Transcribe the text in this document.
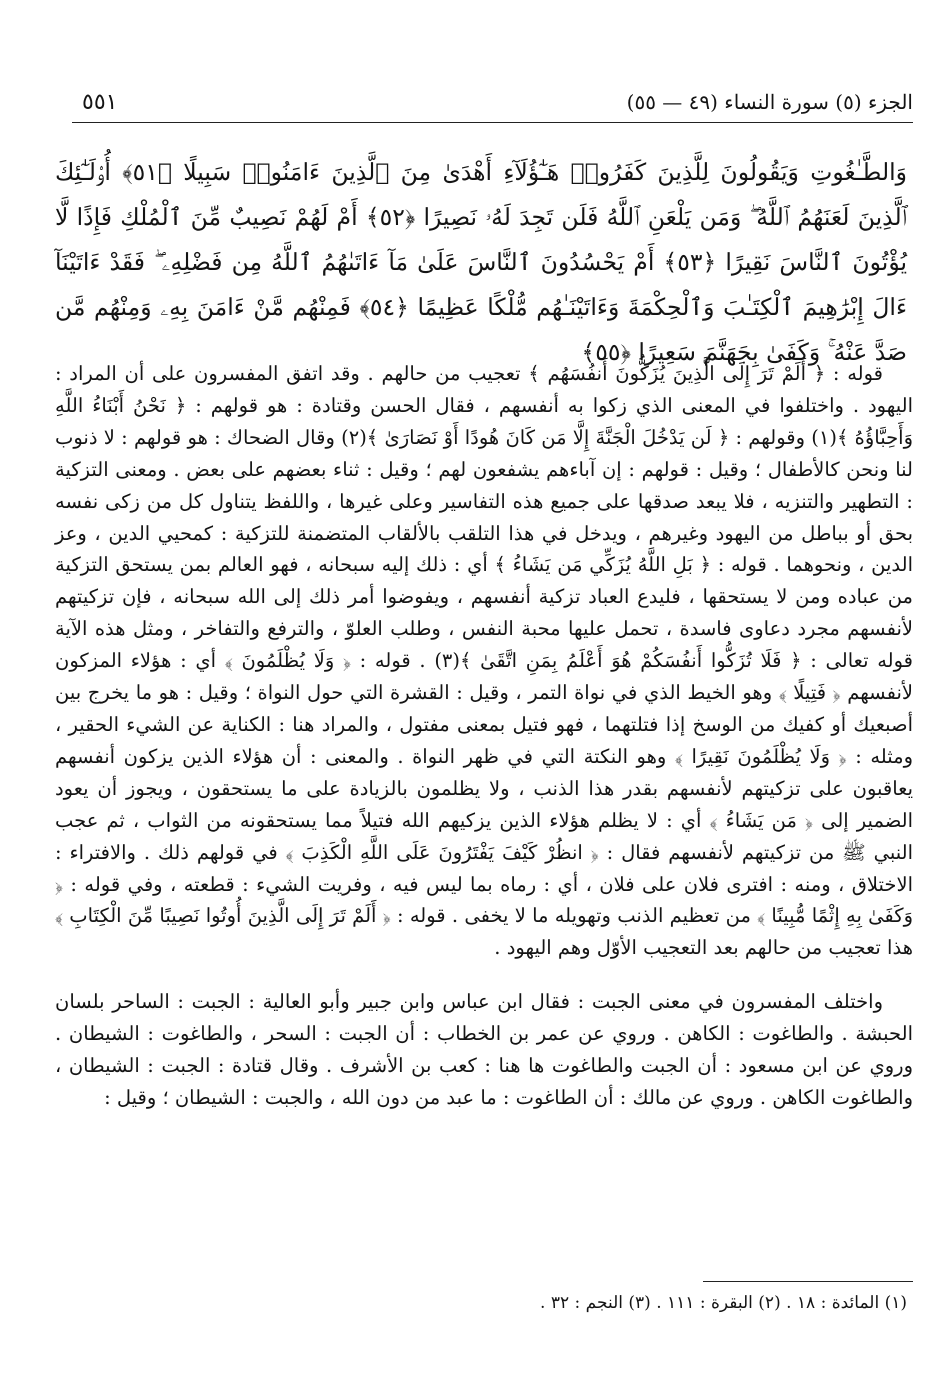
٥٥١	الجزء (٥) سورة النساء (٤٩ — ٥٥)
وَالطَّـٰغُوتِ وَيَقُولُونَ لِلَّذِينَ كَفَرُوا۟ هَـٰٓؤُلَآءِ أَهْدَىٰ مِنَ ٱلَّذِينَ ءَامَنُوا۟ سَبِيلًا ﴿٥١﴾ أُو۟لَـٰٓئِكَ ٱلَّذِينَ لَعَنَهُمُ ٱللَّهُ ۖ وَمَن يَلْعَنِ ٱللَّهُ فَلَن تَجِدَ لَهُۥ نَصِيرًا ﴿٥٢﴾ أَمْ لَهُمْ نَصِيبٌ مِّنَ ٱلْمُلْكِ فَإِذًا لَّا يُؤْتُونَ ٱلنَّاسَ نَقِيرًا ﴿٥٣﴾ أَمْ يَحْسُدُونَ ٱلنَّاسَ عَلَىٰ مَآ ءَاتَىٰهُمُ ٱللَّهُ مِن فَضْلِهِۦ ۖ فَقَدْ ءَاتَيْنَآ ءَالَ إِبْرَٰهِيمَ ٱلْكِتَـٰبَ وَٱلْحِكْمَةَ وَءَاتَيْنَـٰهُم مُّلْكًا عَظِيمًا ﴿٥٤﴾ فَمِنْهُم مَّنْ ءَامَنَ بِهِۦ وَمِنْهُم مَّن صَدَّ عَنْهُ ۚ وَكَفَىٰ بِجَهَنَّمَ سَعِيرًا ﴿٥٥﴾

قوله : ﴿ أَلَمْ تَرَ إِلَى الَّذِينَ يُزَكُّونَ أَنفُسَهُم ﴾ تعجيب من حالهم . وقد اتفق المفسرون على أن المراد : اليهود . واختلفوا في المعنى الذي زكوا به أنفسهم ، فقال الحسن وقتادة : هو قولهم : ﴿ نَحْنُ أَبْنَاءُ اللَّهِ وَأَحِبَّاؤُهُ ﴾(١) وقولهم : ﴿ لَن يَدْخُلَ الْجَنَّةَ إِلَّا مَن كَانَ هُودًا أَوْ نَصَارَىٰ ﴾(٢) وقال الضحاك : هو قولهم : لا ذنوب لنا ونحن كالأطفال ؛ وقيل : قولهم : إن آباءهم يشفعون لهم ؛ وقيل : ثناء بعضهم على بعض . ومعنى التزكية : التطهير والتنزيه ، فلا يبعد صدقها على جميع هذه التفاسير وعلى غيرها ، واللفظ يتناول كل من زكى نفسه بحق أو بباطل من اليهود وغيرهم ، ويدخل في هذا التلقب بالألقاب المتضمنة للتزكية : كمحيي الدين ، وعز الدين ، ونحوهما . قوله : ﴿ بَلِ اللَّهُ يُزَكِّي مَن يَشَاءُ ﴾ أي : ذلك إليه سبحانه ، فهو العالم بمن يستحق التزكية من عباده ومن لا يستحقها ، فليدع العباد تزكية أنفسهم ، ويفوضوا أمر ذلك إلى الله سبحانه ، فإن تزكيتهم لأنفسهم مجرد دعاوى فاسدة ، تحمل عليها محبة النفس ، وطلب العلوّ ، والترفع والتفاخر ، ومثل هذه الآية قوله تعالى : ﴿ فَلَا تُزَكُّوا أَنفُسَكُمْ هُوَ أَعْلَمُ بِمَنِ اتَّقَىٰ ﴾(٣) . قوله : ﴿ وَلَا يُظْلَمُونَ ﴾ أي : هؤلاء المزكون لأنفسهم ﴿ فَتِيلًا ﴾ وهو الخيط الذي في نواة التمر ، وقيل : القشرة التي حول النواة ؛ وقيل : هو ما يخرج بين أصبعيك أو كفيك من الوسخ إذا فتلتهما ، فهو فتيل بمعنى مفتول ، والمراد هنا : الكناية عن الشيء الحقير ، ومثله : ﴿ وَلَا يُظْلَمُونَ نَقِيرًا ﴾ وهو النكتة التي في ظهر النواة . والمعنى : أن هؤلاء الذين يزكون أنفسهم يعاقبون على تزكيتهم لأنفسهم بقدر هذا الذنب ، ولا يظلمون بالزيادة على ما يستحقون ، ويجوز أن يعود الضمير إلى ﴿ مَن يَشَاءُ ﴾ أي : لا يظلم هؤلاء الذين يزكيهم الله فتيلاً مما يستحقونه من الثواب ، ثم عجب النبي ﷺ من تزكيتهم لأنفسهم فقال : ﴿ انظُرْ كَيْفَ يَفْتَرُونَ عَلَى اللَّهِ الْكَذِبَ ﴾ في قولهم ذلك . والافتراء : الاختلاق ، ومنه : افترى فلان على فلان ، أي : رماه بما ليس فيه ، وفريت الشيء : قطعته ، وفي قوله : ﴿ وَكَفَىٰ بِهِ إِثْمًا مُّبِينًا ﴾ من تعظيم الذنب وتهويله ما لا يخفى . قوله : ﴿ أَلَمْ تَرَ إِلَى الَّذِينَ أُوتُوا نَصِيبًا مِّنَ الْكِتَابِ ﴾ هذا تعجيب من حالهم بعد التعجيب الأوّل وهم اليهود .

واختلف المفسرون في معنى الجبت : فقال ابن عباس وابن جبير وأبو العالية : الجبت : الساحر بلسان الحبشة . والطاغوت : الكاهن . وروي عن عمر بن الخطاب : أن الجبت : السحر ، والطاغوت : الشيطان . وروي عن ابن مسعود : أن الجبت والطاغوت ها هنا : كعب بن الأشرف . وقال قتادة : الجبت : الشيطان ، والطاغوت الكاهن . وروي عن مالك : أن الطاغوت : ما عبد من دون الله ، والجبت : الشيطان ؛ وقيل :

(١) المائدة : ١٨ . (٢) البقرة : ١١١ . (٣) النجم : ٣٢ .
